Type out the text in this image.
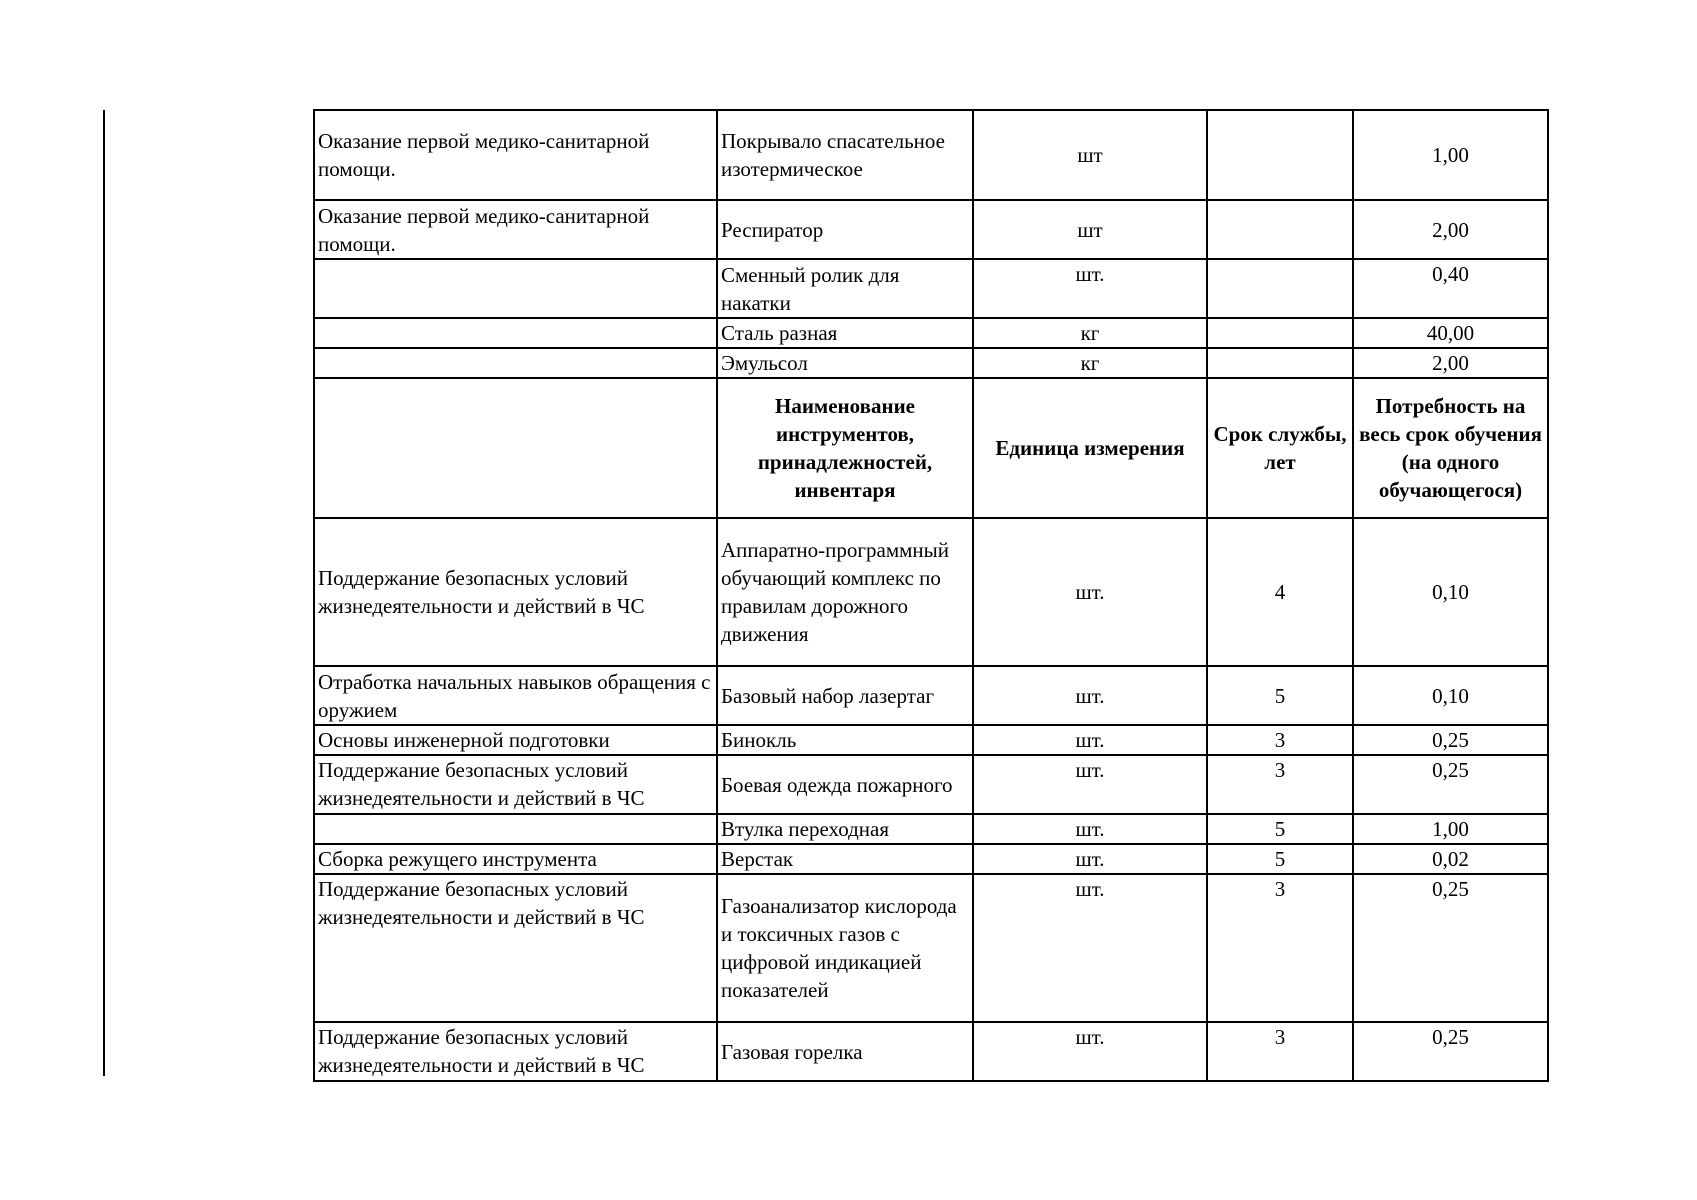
Оказание первой медико-санитарной помощи.	Покрывало спасательное изотермическое	шт		1,00
Оказание первой медико-санитарной помощи.	Респиратор	шт		2,00
	Сменный ролик для накатки	шт.		0,40
	Сталь разная	кг		40,00
	Эмульсол	кг		2,00
	Наименование инструментов, принадлежностей, инвентаря	Единица измерения	Срок службы, лет	Потребность на весь срок обучения (на одного обучающегося)
Поддержание безопасных условий жизнедеятельности и действий в ЧС	Аппаратно-программный обучающий комплекс по правилам дорожного движения	шт.	4	0,10
Отработка начальных навыков обращения с оружием	Базовый набор лазертаг	шт.	5	0,10
Основы инженерной подготовки	Бинокль	шт.	3	0,25
Поддержание безопасных условий жизнедеятельности и действий в ЧС	Боевая одежда пожарного	шт.	3	0,25
	Втулка переходная	шт.	5	1,00
Сборка режущего инструмента	Верстак	шт.	5	0,02
Поддержание безопасных условий жизнедеятельности и действий в ЧС	Газоанализатор кислорода и токсичных газов с цифровой индикацией показателей	шт.	3	0,25
Поддержание безопасных условий жизнедеятельности и действий в ЧС	Газовая горелка	шт.	3	0,25
